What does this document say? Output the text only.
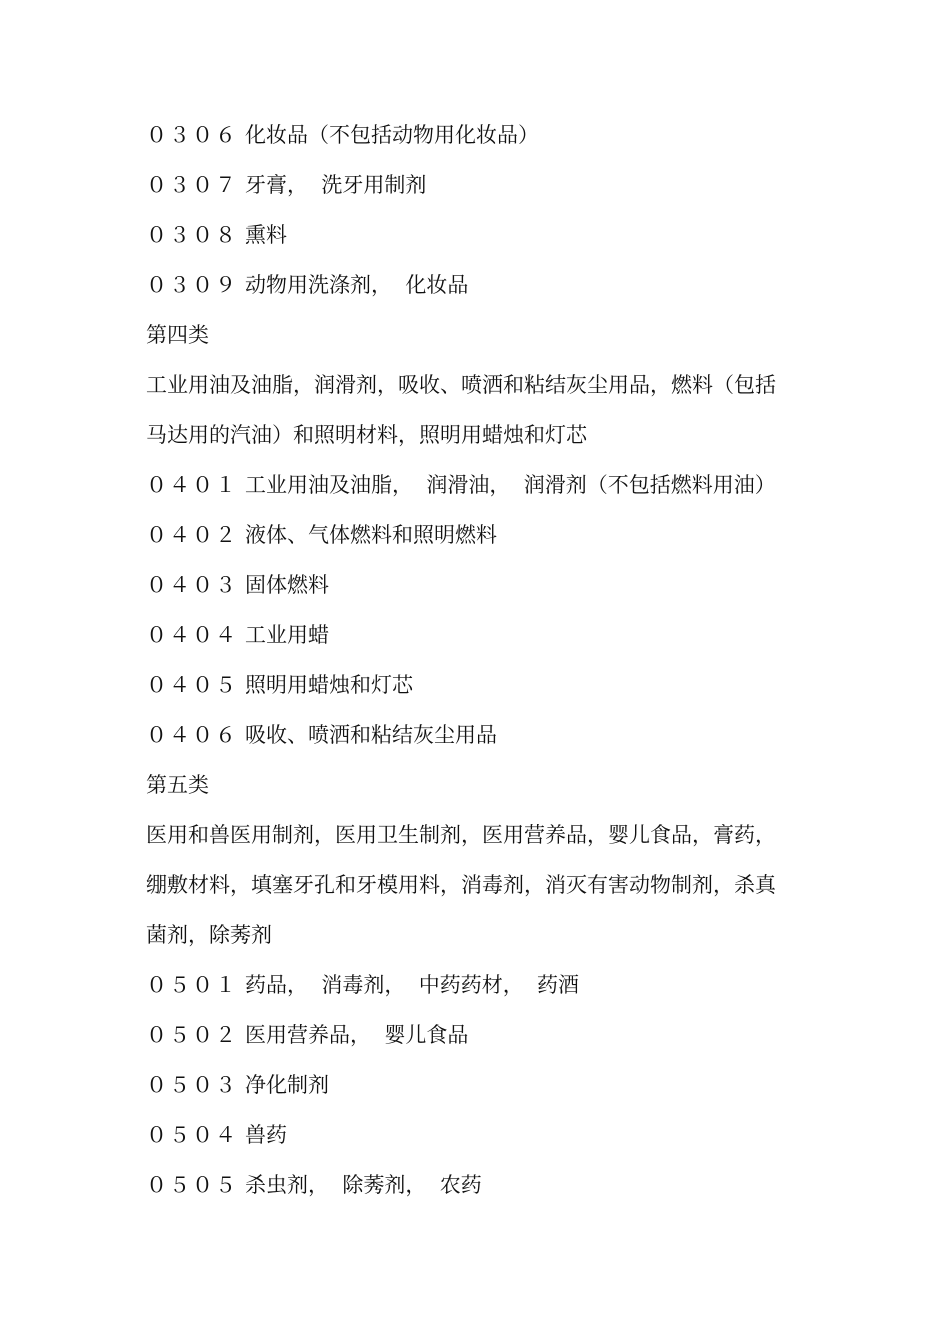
０３０６ 化妆品（不包括动物用化妆品）
０３０７ 牙膏，  洗牙用制剂
０３０８ 熏料
０３０９ 动物用洗涤剂，  化妆品
第四类
工业用油及油脂，润滑剂，吸收、喷洒和粘结灰尘用品，燃料（包括
马达用的汽油）和照明材料，照明用蜡烛和灯芯
０４０１ 工业用油及油脂，  润滑油，  润滑剂（不包括燃料用油）
０４０２ 液体、气体燃料和照明燃料
０４０３ 固体燃料
０４０４ 工业用蜡
０４０５ 照明用蜡烛和灯芯
０４０６ 吸收、喷洒和粘结灰尘用品
第五类
医用和兽医用制剂，医用卫生制剂，医用营养品，婴儿食品，膏药，
绷敷材料，填塞牙孔和牙模用料，消毒剂，消灭有害动物制剂，杀真
菌剂，除莠剂
０５０１ 药品，  消毒剂，  中药药材，  药酒
０５０２ 医用营养品，  婴儿食品
０５０３ 净化制剂
０５０４ 兽药
０５０５ 杀虫剂，  除莠剂，  农药
